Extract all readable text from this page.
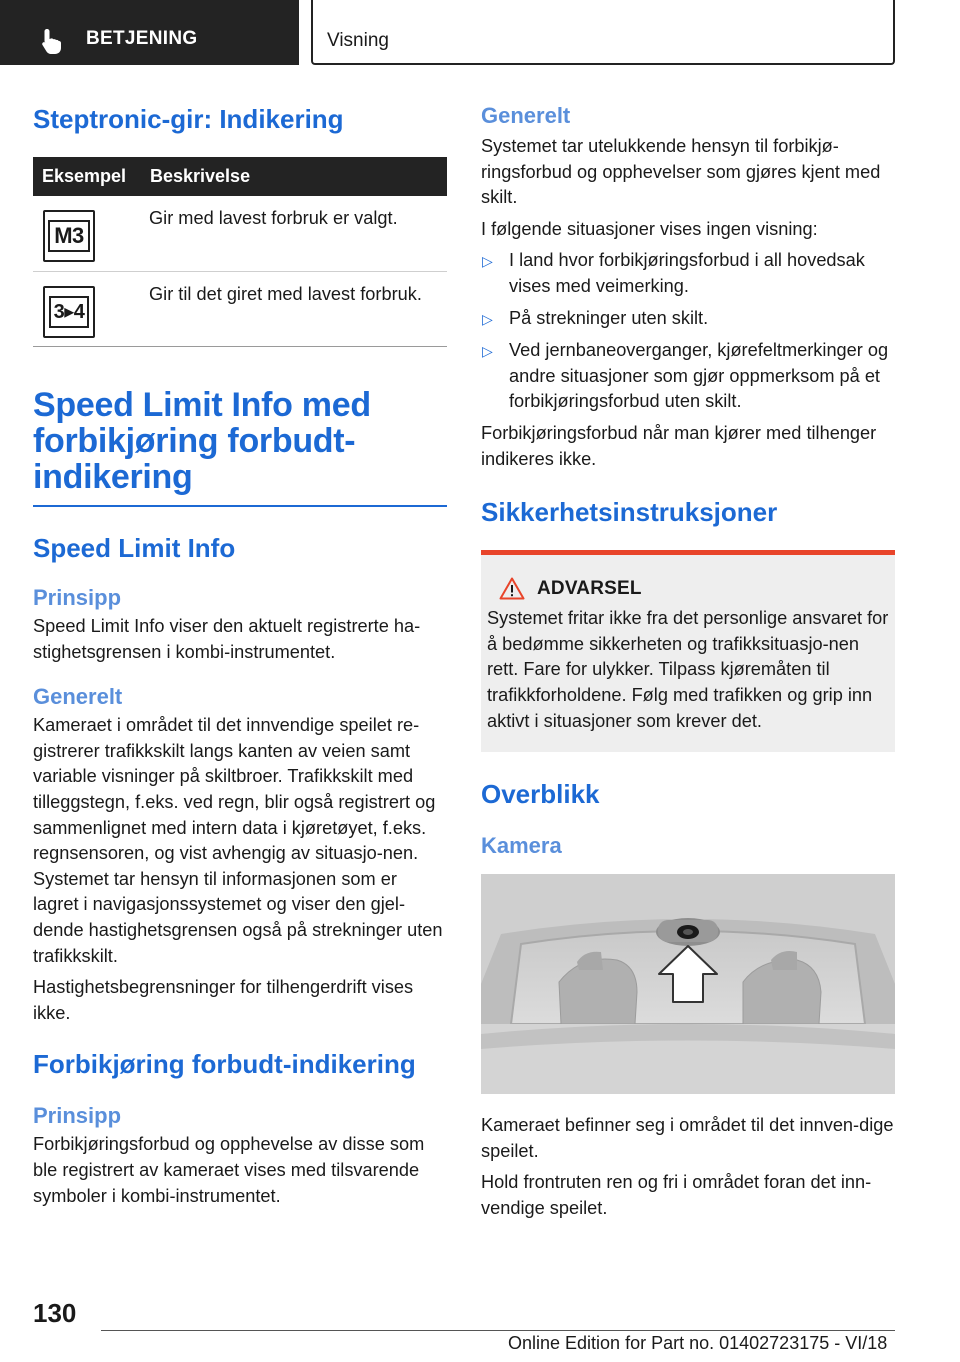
BETJENING	Visning
Steptronic-gir: Indikering
Eksempel	Beskrivelse
M3
Gir med lavest forbruk er valgt.
3▸4
Gir til det giret med lavest forbruk.
Speed Limit Info med
forbikjøring forbudt-
indikering
Speed Limit Info
Prinsipp
Speed Limit Info viser den aktuelt registrerte ha-stighetsgrensen i kombi-instrumentet.
Generelt
Kameraet i området til det innvendige speilet re-gistrerer trafikkskilt langs kanten av veien samt variable visninger på skiltbroer. Trafikkskilt med tilleggstegn, f.eks. ved regn, blir også registrert og sammenlignet med intern data i kjøretøyet, f.eks. regnsensoren, og vist avhengig av situasjo-nen. Systemet tar hensyn til informasjonen som er lagret i navigasjonssystemet og viser den gjel-dende hastighetsgrensen også på strekninger uten trafikkskilt.
Hastighetsbegrensninger for tilhengerdrift vises ikke.
Forbikjøring forbudt-indikering
Prinsipp
Forbikjøringsforbud og opphevelse av disse som ble registrert av kameraet vises med tilsvarende symboler i kombi-instrumentet.
Generelt
Systemet tar utelukkende hensyn til forbikjø-ringsforbud og opphevelser som gjøres kjent med skilt.
I følgende situasjoner vises ingen visning:
▷ I land hvor forbikjøringsforbud i all hovedsak vises med veimerking.
▷ På strekninger uten skilt.
▷ Ved jernbaneoverganger, kjørefeltmerkinger og andre situasjoner som gjør oppmerksom på et forbikjøringsforbud uten skilt.
Forbikjøringsforbud når man kjører med tilhenger indikeres ikke.
Sikkerhetsinstruksjoner
ADVARSEL
Systemet fritar ikke fra det personlige ansvaret for å bedømme sikkerheten og trafikksituasjo-nen rett. Fare for ulykker. Tilpass kjøremåten til trafikkforholdene. Følg med trafikken og grip inn aktivt i situasjoner som krever det.
Overblikk
Kamera
Kameraet befinner seg i området til det innven-dige speilet.
Hold frontruten ren og fri i området foran det inn-vendige speilet.
130
Online Edition for Part no. 01402723175 - VI/18
